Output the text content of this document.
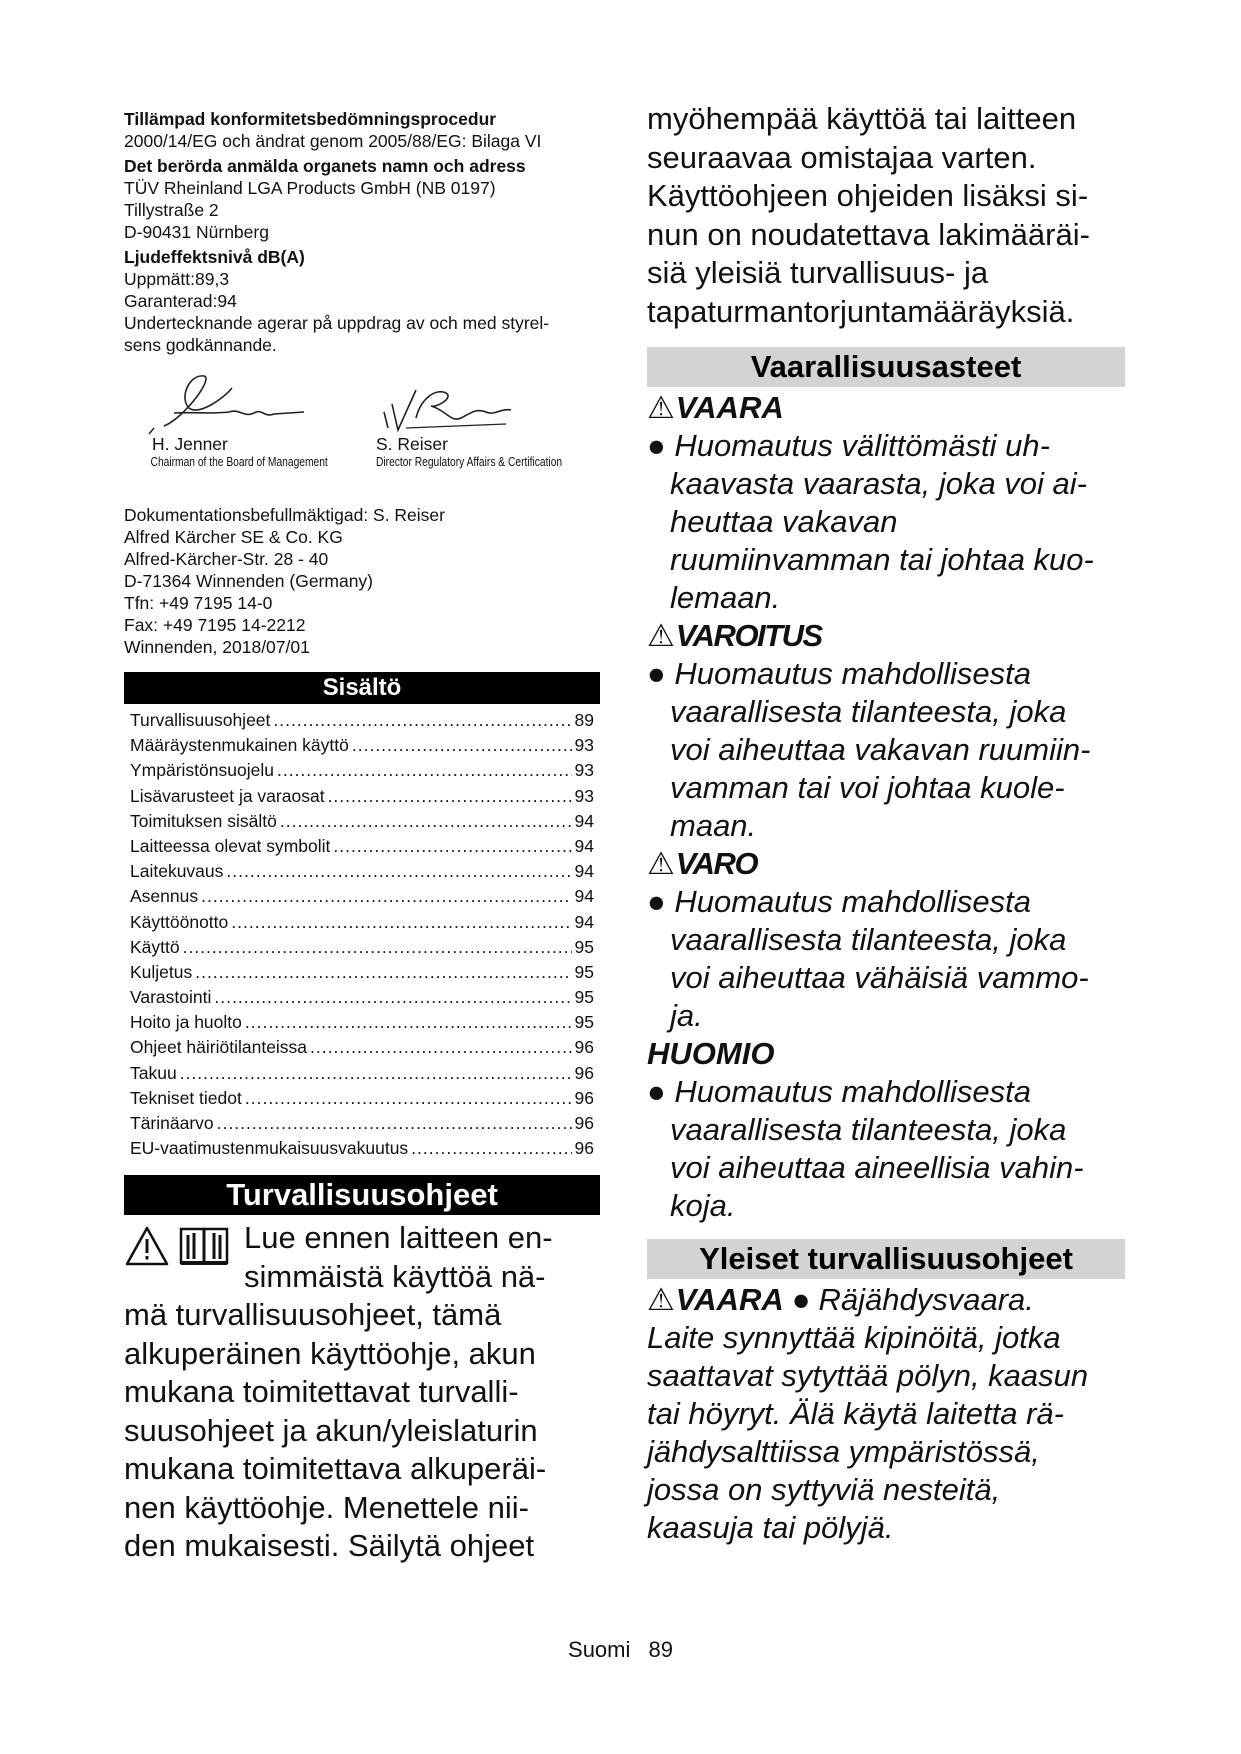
Tillämpad konformitetsbedömningsprocedur

2000/14/EG och ändrat genom 2005/88/EG: Bilaga VI

Det berörda anmälda organets namn och adress

TÜV Rheinland LGA Products GmbH (NB 0197)

Tillystraße 2

D-90431 Nürnberg

Ljudeffektsnivå dB(A)

Uppmätt:89,3

Garanterad:94

Undertecknande agerar på uppdrag av och med styrel-

sens godkännande.

H. Jenner
Chairman of the Board of Management
S. Reiser
Director Regulatory Affairs & Certification

Dokumentationsbefullmäktigad: S. Reiser

Alfred Kärcher SE & Co. KG

Alfred-Kärcher-Str. 28 - 40

D-71364 Winnenden (Germany)

Tfn: +49 7195 14-0

Fax: +49 7195 14-2212

Winnenden, 2018/07/01

Sisältö
Turvallisuusohjeet .....	89
Määräystenmukainen käyttö .....	93
Ympäristönsuojelu .....	93
Lisävarusteet ja varaosat .....	93
Toimituksen sisältö .....	94
Laitteessa olevat symbolit .....	94
Laitekuvaus .....	94
Asennus .....	94
Käyttöönotto .....	94
Käyttö .....	95
Kuljetus .....	95
Varastointi .....	95
Hoito ja huolto .....	95
Ohjeet häiriötilanteissa .....	96
Takuu .....	96
Tekniset tiedot .....	96
Tärinäarvo .....	96
EU-vaatimustenmukaisuusvakuutus .....	96
Turvallisuusohjeet
Lue ennen laitteen en-
simmäistä käyttöä nä-
mä turvallisuusohjeet, tämä
alkuperäinen käyttöohje, akun
mukana toimitettavat turvalli-
suusohjeet ja akun/yleislaturin
mukana toimitettava alkuperäi-
nen käyttöohje. Menettele nii-
den mukaisesti. Säilytä ohjeet
myöhempää käyttöä tai laitteen
seuraavaa omistajaa varten.
Käyttöohjeen ohjeiden lisäksi si-
nun on noudatettava lakimääräi-
siä yleisiä turvallisuus- ja
tapaturmantorjuntamääräyksiä.
Vaarallisuusasteet
⚠ VAARA
● Huomautus välittömästi uh-
kaavasta vaarasta, joka voi ai-
heuttaa vakavan
ruumiinvamman tai johtaa kuo-
lemaan.
⚠ VAROITUS
● Huomautus mahdollisesta
vaarallisesta tilanteesta, joka
voi aiheuttaa vakavan ruumiin-
vamman tai voi johtaa kuole-
maan.
⚠ VARO
● Huomautus mahdollisesta
vaarallisesta tilanteesta, joka
voi aiheuttaa vähäisiä vammo-
ja.
HUOMIO
● Huomautus mahdollisesta
vaarallisesta tilanteesta, joka
voi aiheuttaa aineellisia vahin-
koja.
Yleiset turvallisuusohjeet
⚠ VAARA ● Räjähdysvaara.
Laite synnyttää kipinöitä, jotka
saattavat sytyttää pölyn, kaasun
tai höyryt. Älä käytä laitetta rä-
jähdysalttiissa ympäristössä,
jossa on syttyviä nesteitä,
kaasuja tai pölyjä.
Suomi 89
